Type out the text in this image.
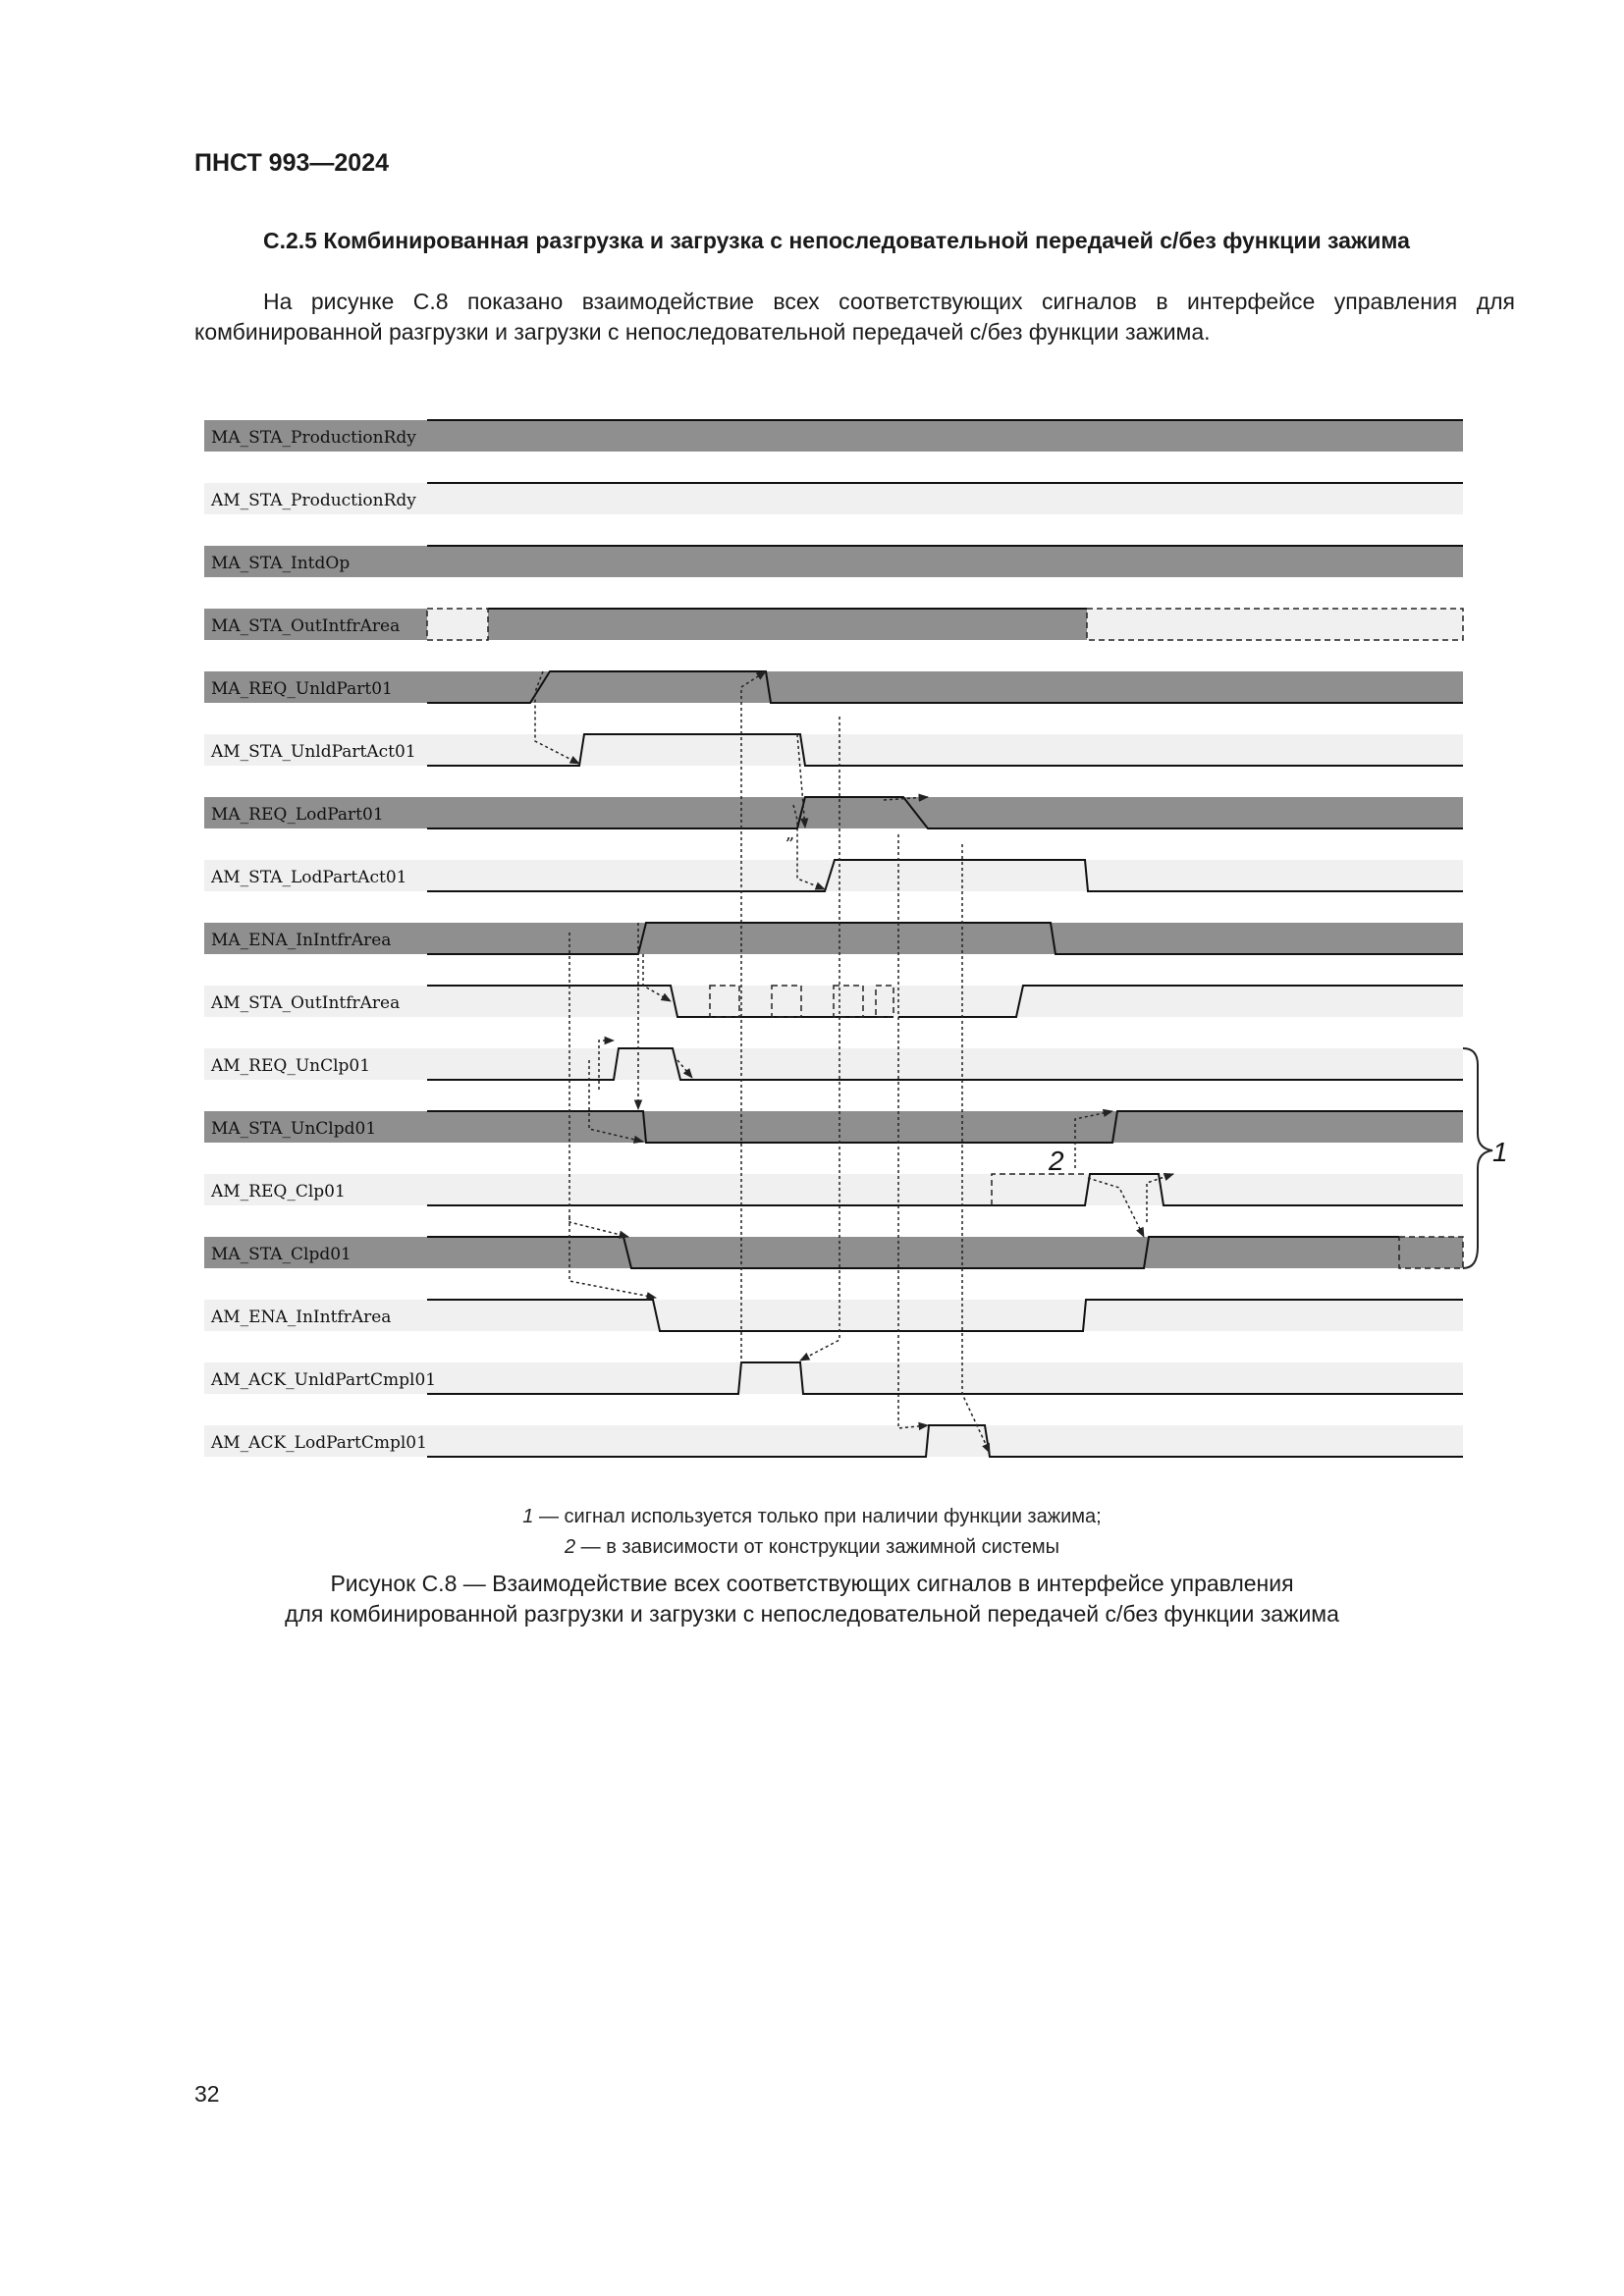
ПНСТ 993—2024
С.2.5 Комбинированная разгрузка и загрузка с непоследовательной передачей с/без функции зажима
На рисунке С.8 показано взаимодействие всех соответствующих сигналов в интерфейсе управления для комбинированной разгрузки и загрузки с непоследовательной передачей с/без функции зажима.
MA_STA_ProductionRdy
AM_STA_ProductionRdy
MA_STA_IntdOp
MA_STA_OutIntfrArea
MA_REQ_UnldPart01
AM_STA_UnldPartAct01
MA_REQ_LodPart01
AM_STA_LodPartAct01
MA_ENA_InIntfrArea
AM_STA_OutIntfrArea
AM_REQ_UnClp01
MA_STA_UnClpd01
AM_REQ_Clp01
MA_STA_Clpd01
AM_ENA_InIntfrArea
AM_ACK_UnldPartCmpl01
AM_ACK_LodPartCmpl01
1
2
„
1 — сигнал используется только при наличии функции зажима;
2 — в зависимости от конструкции зажимной системы
Рисунок С.8 — Взаимодействие всех соответствующих сигналов в интерфейсе управления
для комбинированной разгрузки и загрузки с непоследовательной передачей с/без функции зажима
32
